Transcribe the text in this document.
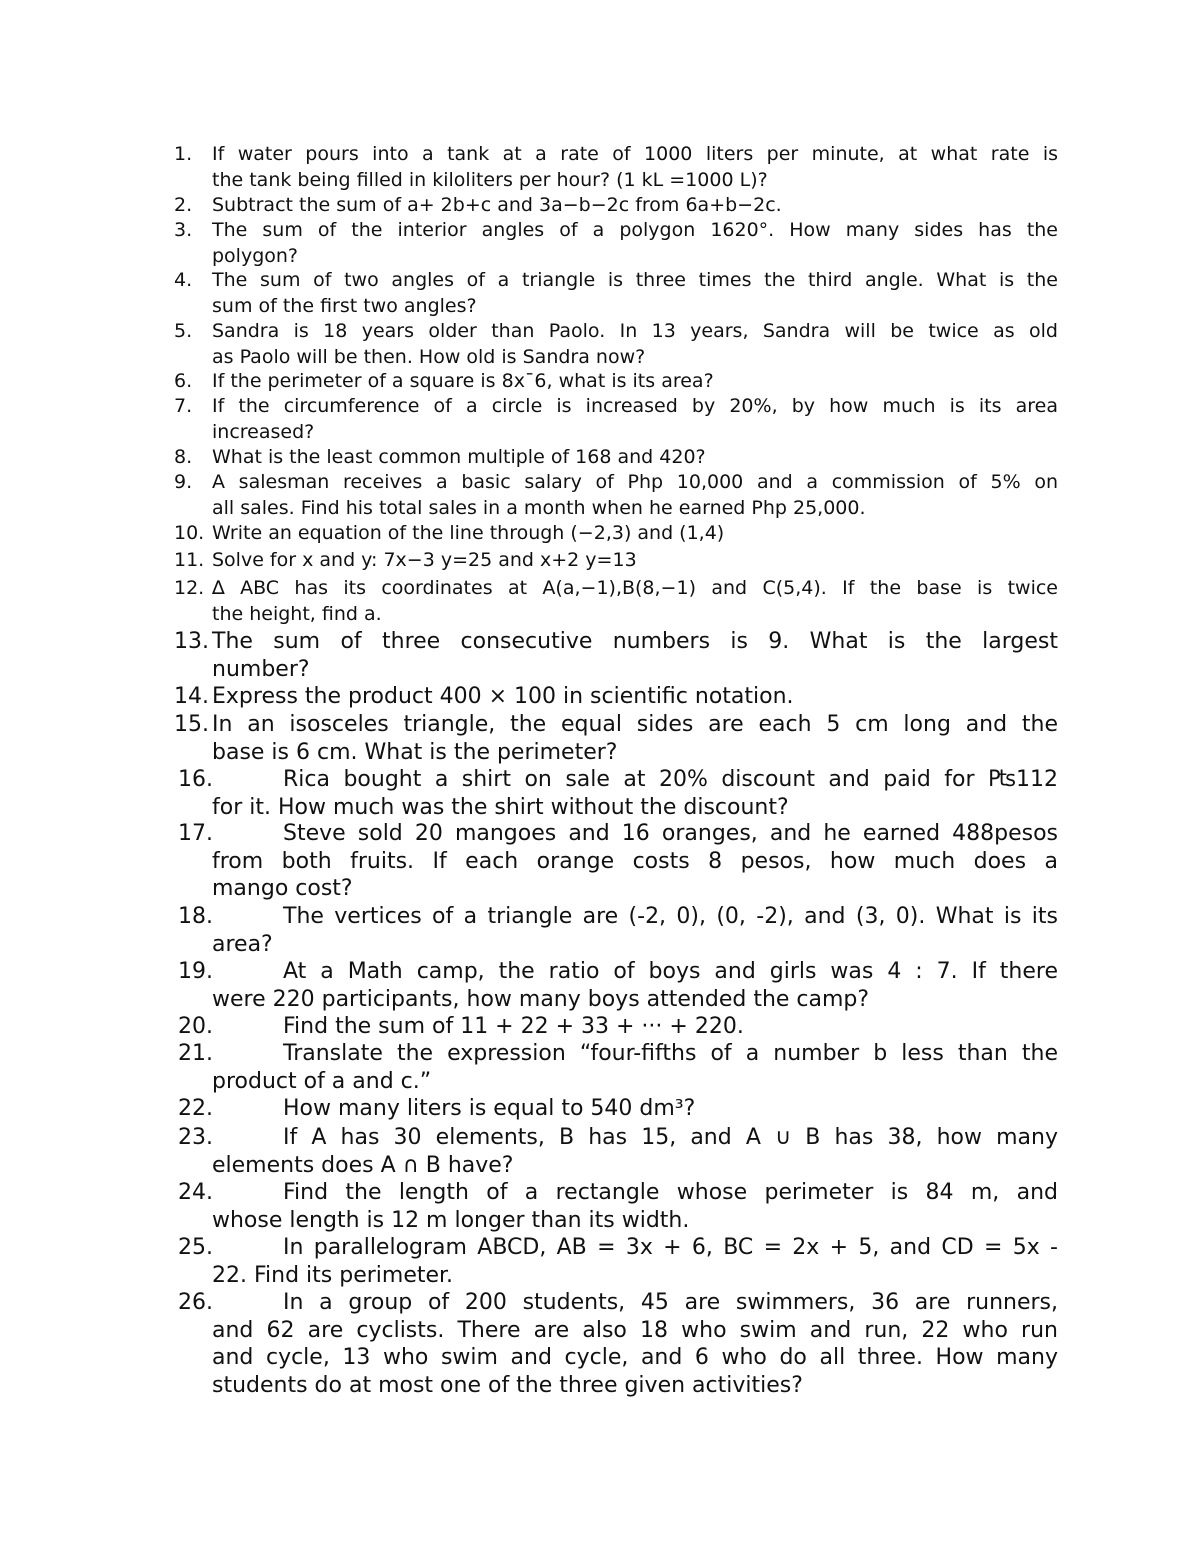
1. If water pours into a tank at a rate of 1000 liters per minute, at what rate is
the tank being filled in kiloliters per hour? (1 kL =1000 L)?
2. Subtract the sum of a+ 2b+c and 3a−b−2c from 6a+b−2c.
3. The sum of the interior angles of a polygon 1620°. How many sides has the
polygon?
4. The sum of two angles of a triangle is three times the third angle. What is the
sum of the first two angles?
5. Sandra is 18 years older than Paolo. In 13 years, Sandra will be twice as old
as Paolo will be then. How old is Sandra now?
6. If the perimeter of a square is 8x¯6, what is its area?
7. If the circumference of a circle is increased by 20%, by how much is its area
increased?
8. What is the least common multiple of 168 and 420?
9. A salesman receives a basic salary of Php 10,000 and a commission of 5% on
all sales. Find his total sales in a month when he earned Php 25,000.
10. Write an equation of the line through (−2,3) and (1,4)
11. Solve for x and y: 7x−3 y=25 and x+2 y=13
12. ∆ ABC has its coordinates at A(a,−1),B(8,−1) and C(5,4). If the base is twice
the height, find a.
13. The sum of three consecutive numbers is 9. What is the largest
number?
14. Express the product 400 × 100 in scientific notation.
15. In an isosceles triangle, the equal sides are each 5 cm long and the
base is 6 cm. What is the perimeter?
16.	Rica bought a shirt on sale at 20% discount and paid for ₧112
for it. How much was the shirt without the discount?
17.	Steve sold 20 mangoes and 16 oranges, and he earned 488pesos
from both fruits. If each orange costs 8 pesos, how much does a
mango cost?
18.	The vertices of a triangle are (-2, 0), (0, -2), and (3, 0). What is its
area?
19.	At a Math camp, the ratio of boys and girls was 4 : 7. If there
were 220 participants, how many boys attended the camp?
20.	Find the sum of 11 + 22 + 33 + ··· + 220.
21.	Translate the expression “four-fifths of a number b less than the
product of a and c.”
22.	How many liters is equal to 540 dm³?
23.	If A has 30 elements, B has 15, and A ∪ B has 38, how many
elements does A ∩ B have?
24.	Find the length of a rectangle whose perimeter is 84 m, and
whose length is 12 m longer than its width.
25.	In parallelogram ABCD, AB = 3x + 6, BC = 2x + 5, and CD = 5x -
22. Find its perimeter.
26.	In a group of 200 students, 45 are swimmers, 36 are runners,
and 62 are cyclists. There are also 18 who swim and run, 22 who run
and cycle, 13 who swim and cycle, and 6 who do all three. How many
students do at most one of the three given activities?
